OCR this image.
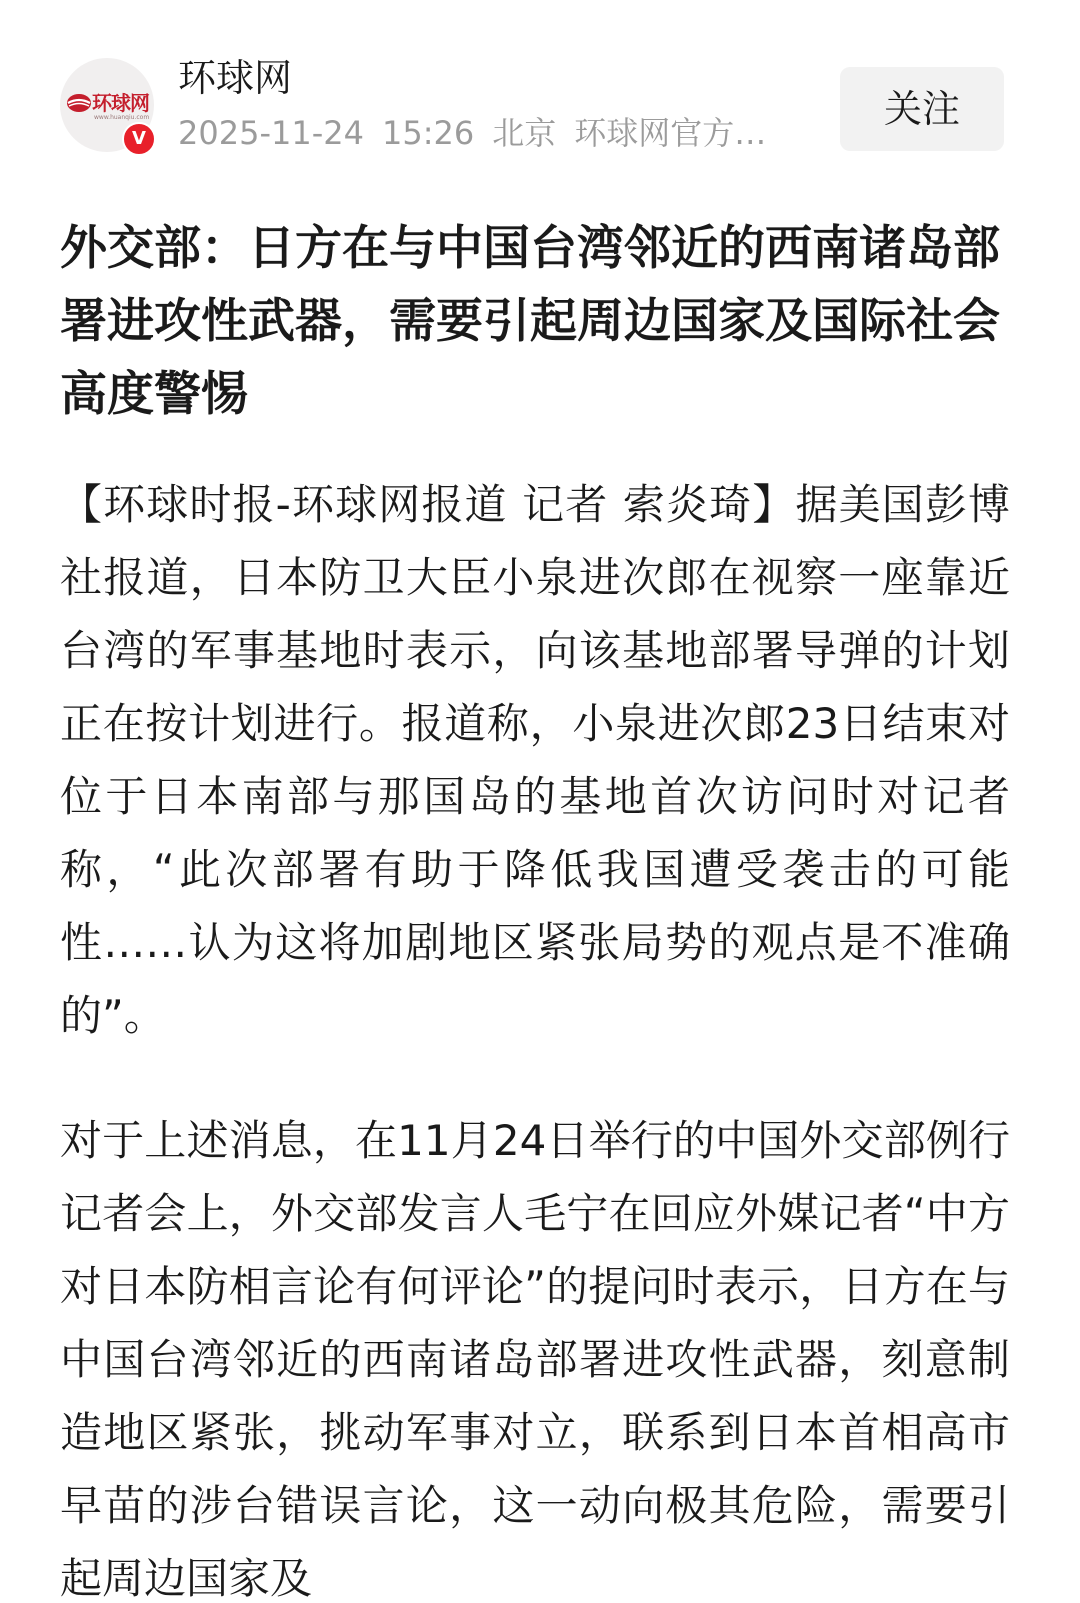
环球网
www.huanqiu.com
V
环球网
2025-11-24 15:26 北京 环球网官方…
关注
外交部：日方在与中国台湾邻近的西南诸岛部署进攻性武器，需要引起周边国家及国际社会高度警惕

【环球时报-环球网报道 记者 索炎琦】据美国彭博社报道，日本防卫大臣小泉进次郎在视察一座靠近台湾的军事基地时表示，向该基地部署导弹的计划正在按计划进行。报道称，小泉进次郎23日结束对位于日本南部与那国岛的基地首次访问时对记者称，“此次部署有助于降低我国遭受袭击的可能性……认为这将加剧地区紧张局势的观点是不准确的”。

对于上述消息，在11月24日举行的中国外交部例行记者会上，外交部发言人毛宁在回应外媒记者“中方对日本防相言论有何评论”的提问时表示，日方在与中国台湾邻近的西南诸岛部署进攻性武器，刻意制造地区紧张，挑动军事对立，联系到日本首相高市早苗的涉台错误言论，这一动向极其危险，需要引起周边国家及
